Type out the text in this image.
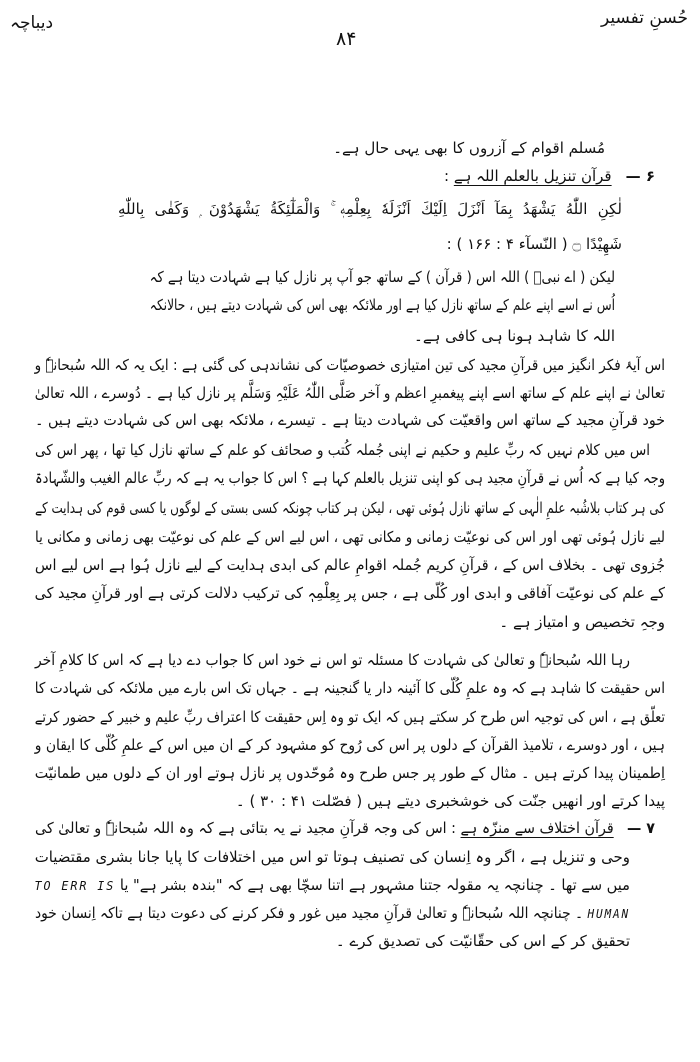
حُسنِ تفسیر
دیباچہ
۸۴
مُسلم اقوام کے آزروں کا بھی یہی حال ہے۔
۶ —قرآن تنزیل بالعلم اللہ ہے :
لٰكِنِ اللّٰهُ يَشْهَدُ بِمَآ اَنْزَلَ اِلَيْكَ اَنْزَلَهٗ بِعِلْمِهٖ ۚ وَالْمَلٰٓئِكَةُ يَشْهَدُوْنَ ۭ وَكَفٰى بِاللّٰهِ
شَهِيْدًا ۝ ( النّسآء ۴ : ۱۶۶ ) :
لیکن ( اے نبیؐ ) اللہ اس ( قرآن ) کے ساتھ جو آپ پر نازل کیا ہے شہادت دیتا ہے کہ
اُس نے اسے اپنے علم کے ساتھ نازل کیا ہے اور ملائکہ بھی اس کی شہادت دیتے ہیں ، حالانکہ
اللہ کا شاہد ہونا ہی کافی ہے۔
اس آیۂ فکر انگیز میں قرآنِ مجید کی تین امتیازی خصوصیّات کی نشاندہی کی گئی ہے : ایک یہ کہ اللہ سُبحانہٗ و
تعالیٰ نے اپنے علم کے ساتھ اسے اپنے پیغمبرِ اعظم و آخر صَلَّی اللّٰہُ عَلَیْہِ وَسَلَّم پر نازل کیا ہے ۔ دُوسرے ، اللہ تعالیٰ
خود قرآنِ مجید کے ساتھ اس واقعیّت کی شہادت دیتا ہے ۔ تیسرے ، ملائکہ بھی اس کی شہادت دیتے ہیں ۔
اس میں کلام نہیں کہ ربِّ علیم و حکیم نے اپنی جُملہ کُتب و صحائف کو علم کے ساتھ نازل کیا تھا ، پھر اس کی
وجہ کیا ہے کہ اُس نے قرآنِ مجید ہی کو اپنی تنزیل بالعلم کہا ہے ؟ اس کا جواب یہ ہے کہ ربِّ عالم الغیب والشّہادۃ
کی ہر کتاب بلاشُبہ علمِ الٰہی کے ساتھ نازل ہُوئی تھی ، لیکن ہر کتاب چونکہ کسی بستی کے لوگوں یا کسی قوم کی ہدایت کے
لیے نازل ہُوئی تھی اور اس کی نوعیّت زمانی و مکانی تھی ، اس لیے اس کے علم کی نوعیّت بھی زمانی و مکانی یا
جُزوی تھی ۔ بخلاف اس کے ، قرآنِ کریم جُملہ اقوامِ عالم کی ابدی ہدایت کے لیے نازل ہُوا ہے اس لیے اس
کے علم کی نوعیّت آفاقی و ابدی اور کُلّی ہے ، جس پر بِعِلْمِہٖ کی ترکیب دلالت کرتی ہے اور قرآنِ مجید کی
وجہِ تخصیص و امتیاز ہے ۔
رہا اللہ سُبحانہٗ و تعالیٰ کی شہادت کا مسئلہ تو اس نے خود اس کا جواب دے دیا ہے کہ اس کا کلامِ آخر
اس حقیقت کا شاہد ہے کہ وہ علمِ کُلّی کا آئینہ دار یا گنجینہ ہے ۔ جہاں تک اس بارے میں ملائکہ کی شہادت کا
تعلّق ہے ، اس کی توجیہ اس طرح کر سکتے ہیں کہ ایک تو وہ اِس حقیقت کا اعتراف ربِّ علیم و خبیر کے حضور کرتے
ہیں ، اور دوسرے ، تلامیذ القرآن کے دلوں پر اس کی رُوح کو مشہود کر کے ان میں اس کے علمِ کُلّی کا ایقان و
اِطمینان پیدا کرتے ہیں ۔ مثال کے طور پر جس طرح وہ مُوحّدوں پر نازل ہوتے اور ان کے دلوں میں طمانیّت
پیدا کرتے اور انھیں جنّت کی خوشخبری دیتے ہیں ( فصّلت ۴۱ : ۳۰ ) ۔
۷ —قرآن اختلاف سے منزّہ ہے : اس کی وجہ قرآنِ مجید نے یہ بتائی ہے کہ وہ اللہ سُبحانہٗ و تعالیٰ کی
وحی و تنزیل ہے ، اگر وہ اِنسان کی تصنیف ہوتا تو اس میں اختلافات کا پایا جانا بشری مقتضیات
میں سے تھا ۔ چنانچہ یہ مقولہ جتنا مشہور ہے اتنا سچّا بھی ہے کہ "بندہ بشر ہے" یا TO ERR IS
HUMAN ۔ چنانچہ اللہ سُبحانہٗ و تعالیٰ قرآنِ مجید میں غور و فکر کرنے کی دعوت دیتا ہے تاکہ اِنسان خود
تحقیق کر کے اس کی حقّانیّت کی تصدیق کرے ۔
